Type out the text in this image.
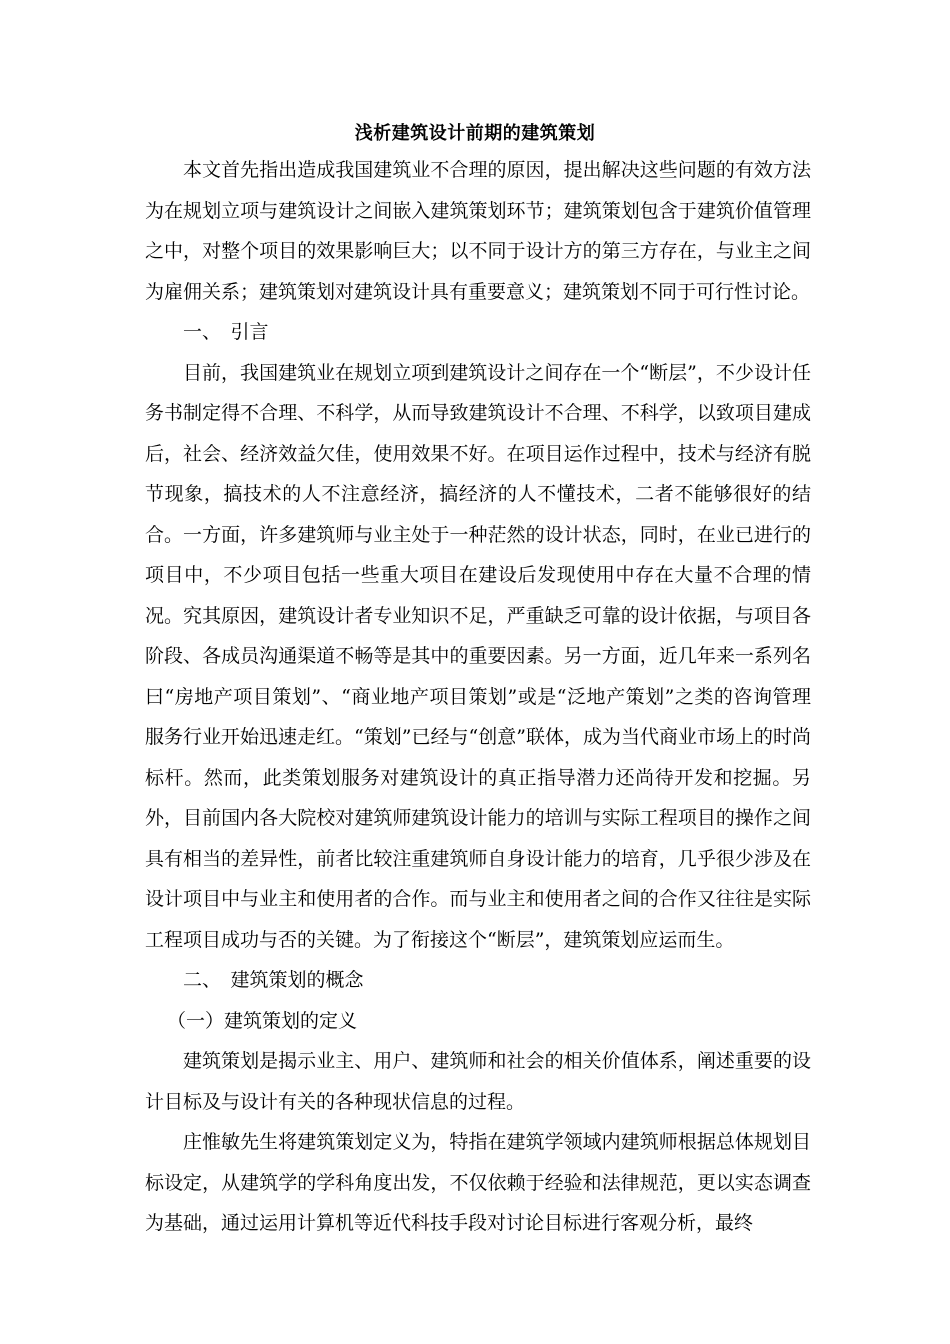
浅析建筑设计前期的建筑策划

本文首先指出造成我国建筑业不合理的原因，提出解决这些问题的有效方法为在规划立项与建筑设计之间嵌入建筑策划环节；建筑策划包含于建筑价值管理之中，对整个项目的效果影响巨大；以不同于设计方的第三方存在，与业主之间为雇佣关系；建筑策划对建筑设计具有重要意义；建筑策划不同于可行性讨论。

一、　引言

目前，我国建筑业在规划立项到建筑设计之间存在一个“断层”，不少设计任务书制定得不合理、不科学，从而导致建筑设计不合理、不科学，以致项目建成后，社会、经济效益欠佳，使用效果不好。在项目运作过程中，技术与经济有脱节现象，搞技术的人不注意经济，搞经济的人不懂技术，二者不能够很好的结合。一方面，许多建筑师与业主处于一种茫然的设计状态，同时，在业已进行的项目中，不少项目包括一些重大项目在建设后发现使用中存在大量不合理的情况。究其原因，建筑设计者专业知识不足，严重缺乏可靠的设计依据，与项目各阶段、各成员沟通渠道不畅等是其中的重要因素。另一方面，近几年来一系列名曰“房地产项目策划”、“商业地产项目策划”或是“泛地产策划”之类的咨询管理服务行业开始迅速走红。“策划”已经与“创意”联体，成为当代商业市场上的时尚标杆。然而，此类策划服务对建筑设计的真正指导潜力还尚待开发和挖掘。另外，目前国内各大院校对建筑师建筑设计能力的培训与实际工程项目的操作之间具有相当的差异性，前者比较注重建筑师自身设计能力的培育，几乎很少涉及在设计项目中与业主和使用者的合作。而与业主和使用者之间的合作又往往是实际工程项目成功与否的关键。为了衔接这个“断层”，建筑策划应运而生。

二、　建筑策划的概念

（一）建筑策划的定义

建筑策划是揭示业主、用户、建筑师和社会的相关价值体系，阐述重要的设计目标及与设计有关的各种现状信息的过程。

庄惟敏先生将建筑策划定义为，特指在建筑学领域内建筑师根据总体规划目标设定，从建筑学的学科角度出发，不仅依赖于经验和法律规范，更以实态调查为基础，通过运用计算机等近代科技手段对讨论目标进行客观分析，最终
